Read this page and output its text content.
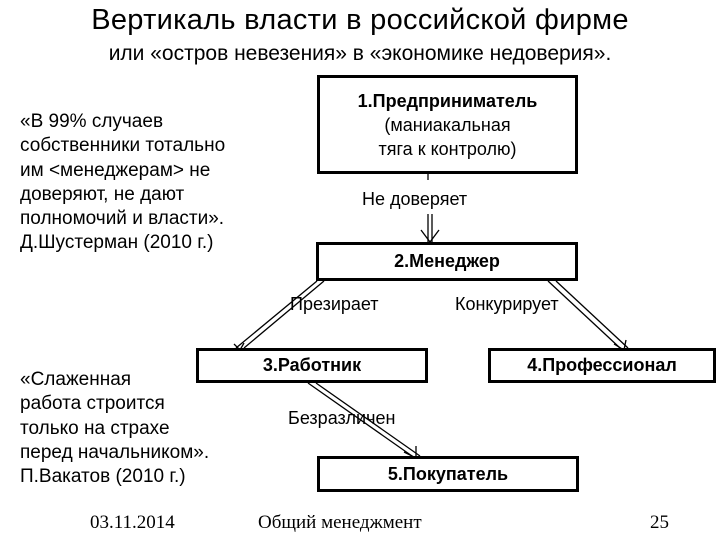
Вертикаль власти в российской фирме
или «остров невезения» в «экономике недоверия».
«В 99% случаев
собственники тотально
им <менеджерам> не
доверяют, не дают
полномочий и власти».
Д.Шустерман (2010 г.)
«Слаженная
работа строится
только на страхе
перед начальником».
П.Вакатов (2010 г.)
1.Предприниматель
(маниакальная
тяга к контролю)
Не доверяет
2.Менеджер
Презирает	Конкурирует
3.Работник	4.Профессионал
Безразличен
5.Покупатель
03.11.2014	Общий менеджмент	25
